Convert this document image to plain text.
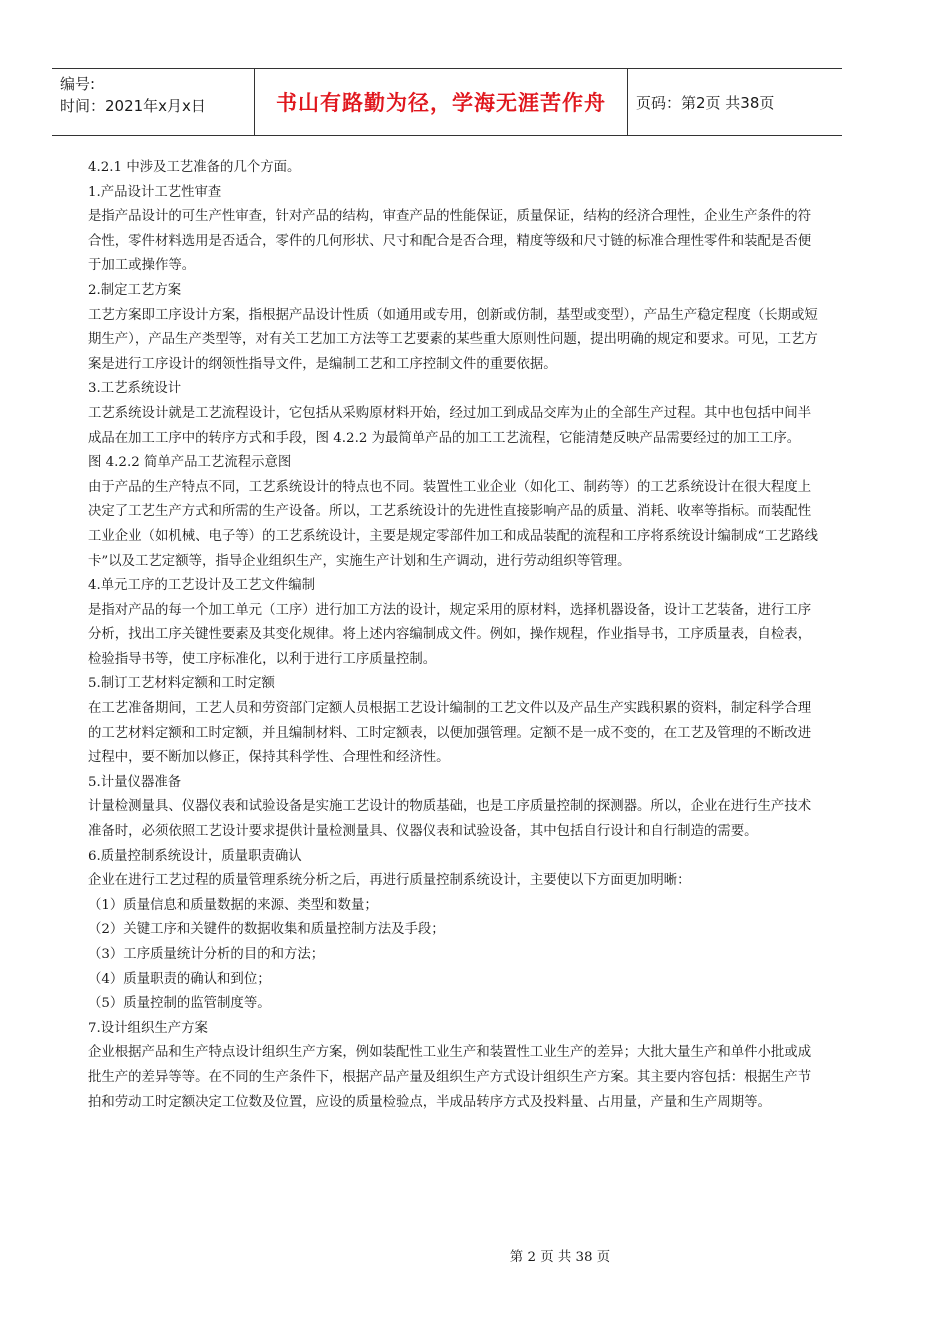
编号:
时间：2021年x月x日	书山有路勤为径，学海无涯苦作舟	页码：第2页 共38页

4.2.1 中涉及工艺准备的几个方面。

1.产品设计工艺性审查

是指产品设计的可生产性审查，针对产品的结构，审查产品的性能保证，质量保证，结构的经济合理性，企业生产条件的符合性，零件材料选用是否适合，零件的几何形状、尺寸和配合是否合理，精度等级和尺寸链的标准合理性零件和装配是否便于加工或操作等。

2.制定工艺方案

工艺方案即工序设计方案，指根据产品设计性质（如通用或专用，创新或仿制，基型或变型），产品生产稳定程度（长期或短期生产），产品生产类型等，对有关工艺加工方法等工艺要素的某些重大原则性问题，提出明确的规定和要求。可见，工艺方案是进行工序设计的纲领性指导文件，是编制工艺和工序控制文件的重要依据。

3.工艺系统设计

工艺系统设计就是工艺流程设计，它包括从采购原材料开始，经过加工到成品交库为止的全部生产过程。其中也包括中间半成品在加工工序中的转序方式和手段，图 4.2.2 为最简单产品的加工工艺流程，它能清楚反映产品需要经过的加工工序。

图 4.2.2 简单产品工艺流程示意图

由于产品的生产特点不同，工艺系统设计的特点也不同。装置性工业企业（如化工、制药等）的工艺系统设计在很大程度上决定了工艺生产方式和所需的生产设备。所以，工艺系统设计的先进性直接影响产品的质量、消耗、收率等指标。而装配性工业企业（如机械、电子等）的工艺系统设计，主要是规定零部件加工和成品装配的流程和工序将系统设计编制成“工艺路线卡”以及工艺定额等，指导企业组织生产，实施生产计划和生产调动，进行劳动组织等管理。

4.单元工序的工艺设计及工艺文件编制

是指对产品的每一个加工单元（工序）进行加工方法的设计，规定采用的原材料，选择机器设备，设计工艺装备，进行工序分析，找出工序关键性要素及其变化规律。将上述内容编制成文件。例如，操作规程，作业指导书，工序质量表，自检表，检验指导书等，使工序标准化，以利于进行工序质量控制。

5.制订工艺材料定额和工时定额

在工艺准备期间，工艺人员和劳资部门定额人员根据工艺设计编制的工艺文件以及产品生产实践积累的资料，制定科学合理的工艺材料定额和工时定额，并且编制材料、工时定额表，以便加强管理。定额不是一成不变的，在工艺及管理的不断改进过程中，要不断加以修正，保持其科学性、合理性和经济性。

5.计量仪器准备

计量检测量具、仪器仪表和试验设备是实施工艺设计的物质基础，也是工序质量控制的探测器。所以，企业在进行生产技术准备时，必须依照工艺设计要求提供计量检测量具、仪器仪表和试验设备，其中包括自行设计和自行制造的需要。

6.质量控制系统设计，质量职责确认

企业在进行工艺过程的质量管理系统分析之后，再进行质量控制系统设计，主要使以下方面更加明晰：

（1）质量信息和质量数据的来源、类型和数量；

（2）关键工序和关键件的数据收集和质量控制方法及手段；

（3）工序质量统计分析的目的和方法；

（4）质量职责的确认和到位；

（5）质量控制的监管制度等。

7.设计组织生产方案

企业根据产品和生产特点设计组织生产方案，例如装配性工业生产和装置性工业生产的差异；大批大量生产和单件小批或成批生产的差异等等。在不同的生产条件下，根据产品产量及组织生产方式设计组织生产方案。其主要内容包括：根据生产节拍和劳动工时定额决定工位数及位置，应设的质量检验点，半成品转序方式及投料量、占用量，产量和生产周期等。

第 2 页 共 38 页
